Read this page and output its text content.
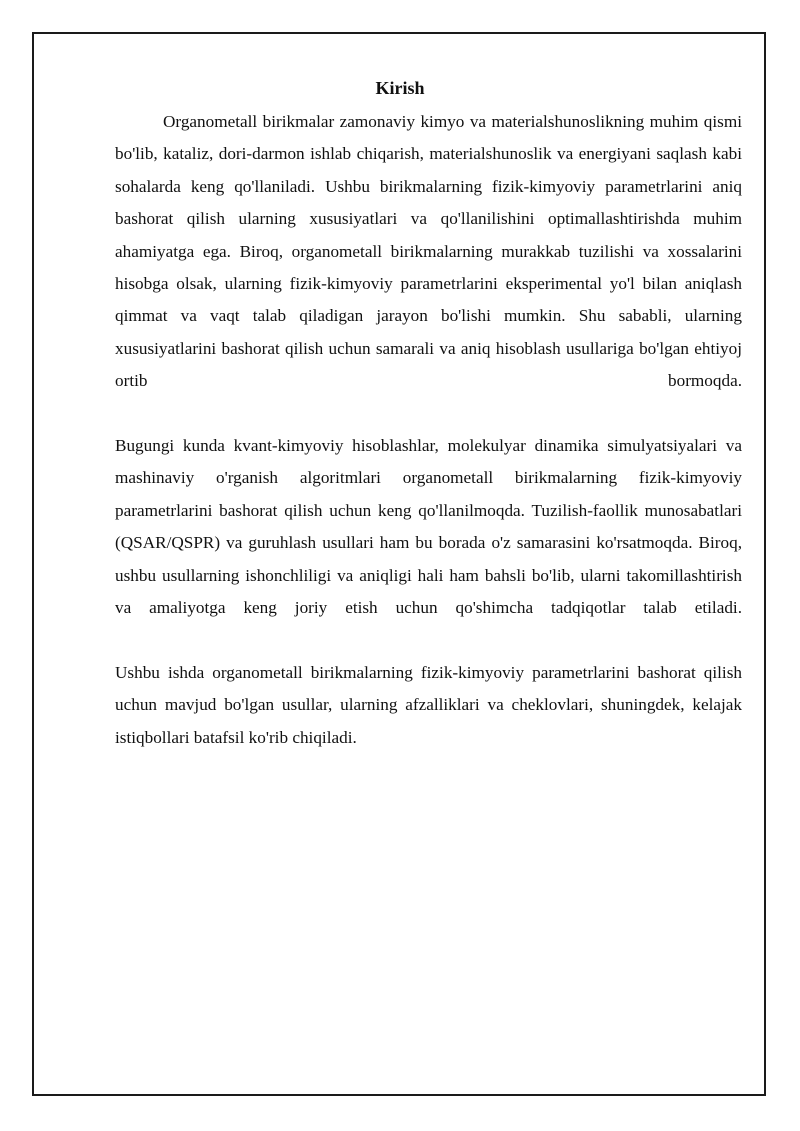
Kirish

Organometall birikmalar zamonaviy kimyo va materialshunoslikning muhim qismi bo'lib, kataliz, dori-darmon ishlab chiqarish, materialshunoslik va energiyani saqlash kabi sohalarda keng qo'llaniladi. Ushbu birikmalarning fizik-kimyoviy parametrlarini aniq bashorat qilish ularning xususiyatlari va qo'llanilishini optimallashtirishda muhim ahamiyatga ega. Biroq, organometall birikmalarning murakkab tuzilishi va xossalarini hisobga olsak, ularning fizik-kimyoviy parametrlarini eksperimental yo'l bilan aniqlash qimmat va vaqt talab qiladigan jarayon bo'lishi mumkin. Shu sababli, ularning xususiyatlarini bashorat qilish uchun samarali va aniq hisoblash usullariga bo'lgan ehtiyoj ortib bormoqda.

Bugungi kunda kvant-kimyoviy hisoblashlar, molekulyar dinamika simulyatsiyalari va mashinaviy o'rganish algoritmlari organometall birikmalarning fizik-kimyoviy parametrlarini bashorat qilish uchun keng qo'llanilmoqda. Tuzilish-faollik munosabatlari (QSAR/QSPR) va guruhlash usullari ham bu borada o'z samarasini ko'rsatmoqda. Biroq, ushbu usullarning ishonchliligi va aniqligi hali ham bahsli bo'lib, ularni takomillashtirish va amaliyotga keng joriy etish uchun qo'shimcha tadqiqotlar talab etiladi.

Ushbu ishda organometall birikmalarning fizik-kimyoviy parametrlarini bashorat qilish uchun mavjud bo'lgan usullar, ularning afzalliklari va cheklovlari, shuningdek, kelajak istiqbollari batafsil ko'rib chiqiladi.
